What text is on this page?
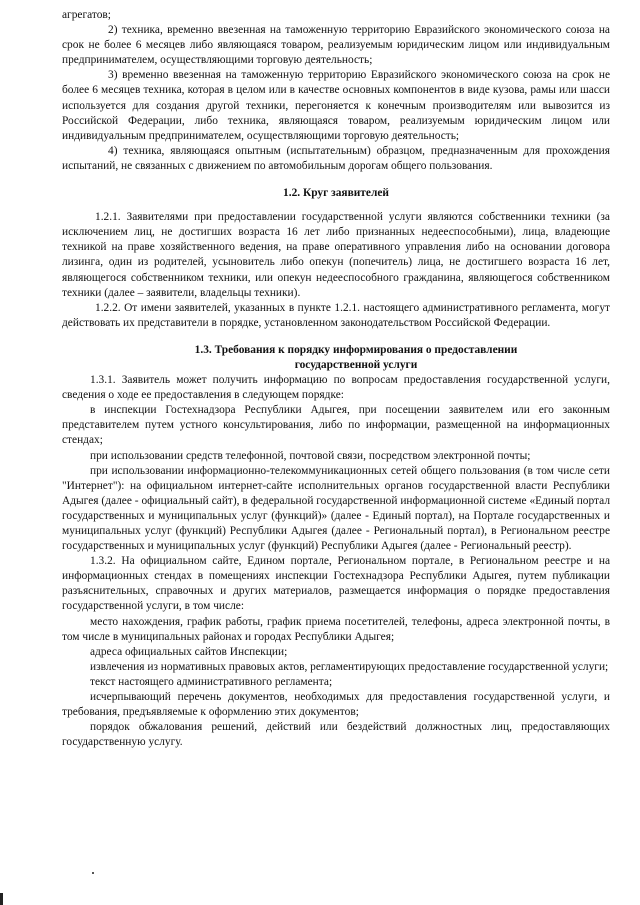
агрегатов;

2) техника, временно ввезенная на таможенную территорию Евразийского экономического союза на срок не более 6 месяцев либо являющаяся товаром, реализуемым юридическим лицом или индивидуальным предпринимателем, осуществляющими торговую деятельность;

3) временно ввезенная на таможенную территорию Евразийского экономического союза на срок не более 6 месяцев техника, которая в целом или в качестве основных компонентов в виде кузова, рамы или шасси используется для создания другой техники, перегоняется к конечным производителям или вывозится из Российской Федерации, либо техника, являющаяся товаром, реализуемым юридическим лицом или индивидуальным предпринимателем, осуществляющими торговую деятельность;

4) техника, являющаяся опытным (испытательным) образцом, предназначенным для прохождения испытаний, не связанных с движением по автомобильным дорогам общего пользования.

1.2. Круг заявителей

1.2.1. Заявителями при предоставлении государственной услуги являются собственники техники (за исключением лиц, не достигших возраста 16 лет либо признанных недееспособными), лица, владеющие техникой на праве хозяйственного ведения, на праве оперативного управления либо на основании договора лизинга, один из родителей, усыновитель либо опекун (попечитель) лица, не достигшего возраста 16 лет, являющегося собственником техники, или опекун недееспособного гражданина, являющегося собственником техники (далее – заявители, владельцы техники).

1.2.2. От имени заявителей, указанных в пункте 1.2.1. настоящего административного регламента, могут действовать их представители в порядке, установленном законодательством Российской Федерации.

1.3. Требования к порядку информирования о предоставлении
государственной услуги

1.3.1. Заявитель может получить информацию по вопросам предоставления государственной услуги, сведения о ходе ее предоставления в следующем порядке:

в инспекции Гостехнадзора Республики Адыгея, при посещении заявителем или его законным представителем путем устного консультирования, либо по информации, размещенной на информационных стендах;

при использовании средств телефонной, почтовой связи, посредством электронной почты;

при использовании информационно-телекоммуникационных сетей общего пользования (в том числе сети "Интернет"): на официальном интернет-сайте исполнительных органов государственной власти Республики Адыгея (далее - официальный сайт), в федеральной государственной информационной системе «Единый портал государственных и муниципальных услуг (функций)» (далее - Единый портал), на Портале государственных и муниципальных услуг (функций) Республики Адыгея (далее - Региональный портал), в Региональном реестре государственных и муниципальных услуг (функций) Республики Адыгея (далее - Региональный реестр).

1.3.2. На официальном сайте, Едином портале, Региональном портале, в Региональном реестре и на информационных стендах в помещениях инспекции Гостехнадзора Республики Адыгея, путем публикации разъяснительных, справочных и других материалов, размещается информация о порядке предоставления государственной услуги, в том числе:

место нахождения, график работы, график приема посетителей, телефоны, адреса электронной почты, в том числе в муниципальных районах и городах Республики Адыгея;

адреса официальных сайтов Инспекции;

извлечения из нормативных правовых актов, регламентирующих предоставление государственной услуги;

текст настоящего административного регламента;

исчерпывающий перечень документов, необходимых для предоставления государственной услуги, и требования, предъявляемые к оформлению этих документов;

порядок обжалования решений, действий или бездействий должностных лиц, предоставляющих государственную услугу.
